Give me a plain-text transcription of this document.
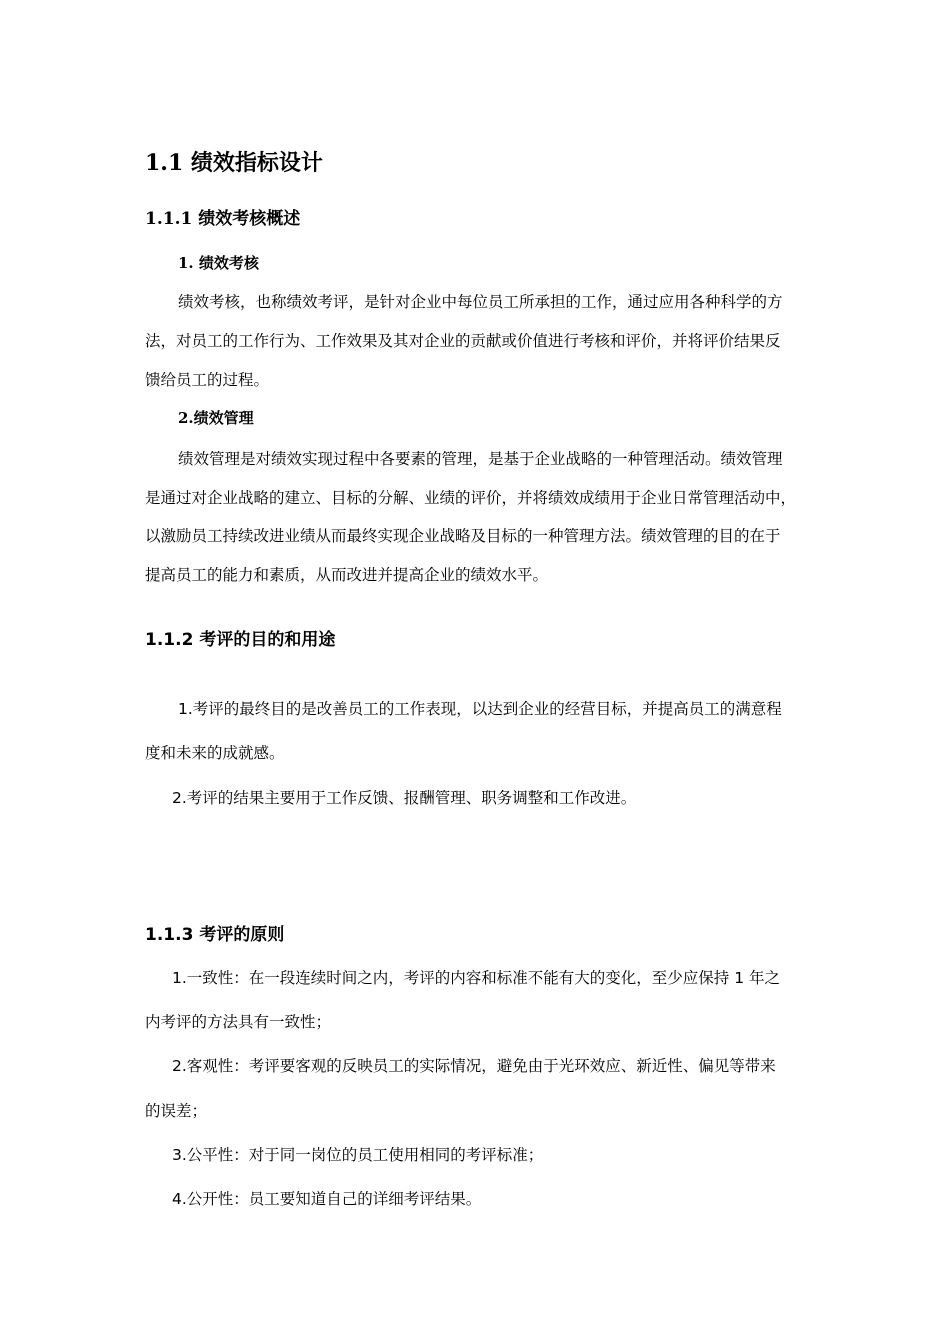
1.1 绩效指标设计
1.1.1 绩效考核概述
1. 绩效考核
绩效考核，也称绩效考评，是针对企业中每位员工所承担的工作，通过应用各种科学的方
法，对员工的工作行为、工作效果及其对企业的贡献或价值进行考核和评价，并将评价结果反
馈给员工的过程。
2.绩效管理
绩效管理是对绩效实现过程中各要素的管理，是基于企业战略的一种管理活动。绩效管理
是通过对企业战略的建立、目标的分解、业绩的评价，并将绩效成绩用于企业日常管理活动中，
以激励员工持续改进业绩从而最终实现企业战略及目标的一种管理方法。绩效管理的目的在于
提高员工的能力和素质，从而改进并提高企业的绩效水平。
1.1.2 考评的目的和用途
1.考评的最终目的是改善员工的工作表现，以达到企业的经营目标，并提高员工的满意程
度和未来的成就感。
2.考评的结果主要用于工作反馈、报酬管理、职务调整和工作改进。
1.1.3 考评的原则
1.一致性：在一段连续时间之内，考评的内容和标准不能有大的变化，至少应保持 1 年之
内考评的方法具有一致性；
2.客观性：考评要客观的反映员工的实际情况，避免由于光环效应、新近性、偏见等带来
的误差；
3.公平性：对于同一岗位的员工使用相同的考评标准；
4.公开性：员工要知道自己的详细考评结果。
